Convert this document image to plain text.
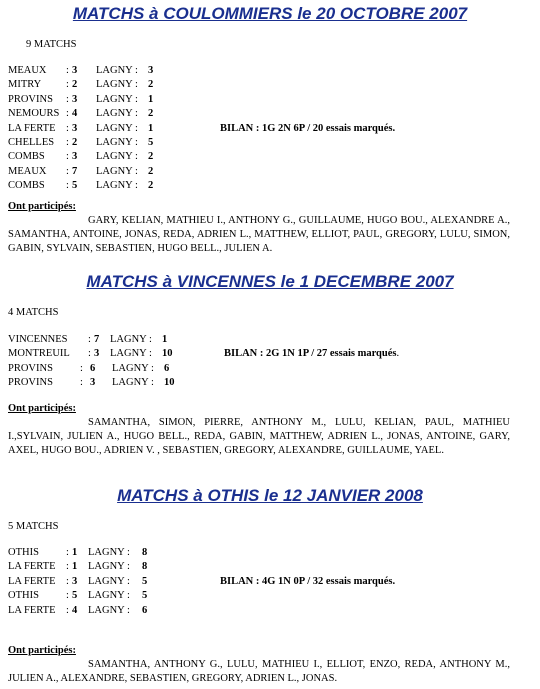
MATCHS à COULOMMIERS le 20 OCTOBRE 2007
9 MATCHS
MEAUX : 3 LAGNY : 3
MITRY : 2 LAGNY : 2
PROVINS : 3 LAGNY : 1
NEMOURS : 4 LAGNY : 2
LA FERTE : 3 LAGNY : 1
CHELLES : 2 LAGNY : 5
COMBS : 3 LAGNY : 2
MEAUX : 7 LAGNY : 2
COMBS : 5 LAGNY : 2
BILAN : 1G 2N 6P / 20 essais marqués.
Ont participés:

GARY, KELIAN, MATHIEU I., ANTHONY G., GUILLAUME, HUGO BOU., ALEXANDRE A., SAMANTHA, ANTOINE, JONAS, REDA, ADRIEN L., MATTHEW, ELLIOT, PAUL, GREGORY, LULU, SIMON, GABIN, SYLVAIN, SEBASTIEN, HUGO BELL., JULIEN A.

MATCHS à VINCENNES le 1 DECEMBRE 2007
4 MATCHS
VINCENNES : 7 LAGNY : 1
MONTREUIL : 3 LAGNY : 10
PROVINS	: 6 LAGNY : 6
PROVINS	: 3 LAGNY : 10
BILAN : 2G 1N 1P / 27 essais marqués.
Ont participés:

SAMANTHA, SIMON, PIERRE, ANTHONY M., LULU, KELIAN, PAUL, MATHIEU I.,SYLVAIN, JULIEN A., HUGO BELL., REDA, GABIN, MATTHEW, ADRIEN L., JONAS, ANTOINE, GARY, AXEL, HUGO BOU., ADRIEN V. , SEBASTIEN, GREGORY, ALEXANDRE, GUILLAUME, YAEL.

MATCHS à OTHIS le 12 JANVIER 2008
5 MATCHS
OTHIS	: 1 LAGNY : 8
LA FERTE : 1 LAGNY : 8
LA FERTE : 3 LAGNY : 5
OTHIS	: 5 LAGNY : 5
LA FERTE : 4 LAGNY : 6
BILAN : 4G 1N 0P / 32 essais marqués.
Ont participés:

SAMANTHA, ANTHONY G., LULU, MATHIEU I., ELLIOT, ENZO, REDA, ANTHONY M., JULIEN A., ALEXANDRE, SEBASTIEN, GREGORY, ADRIEN L., JONAS.
